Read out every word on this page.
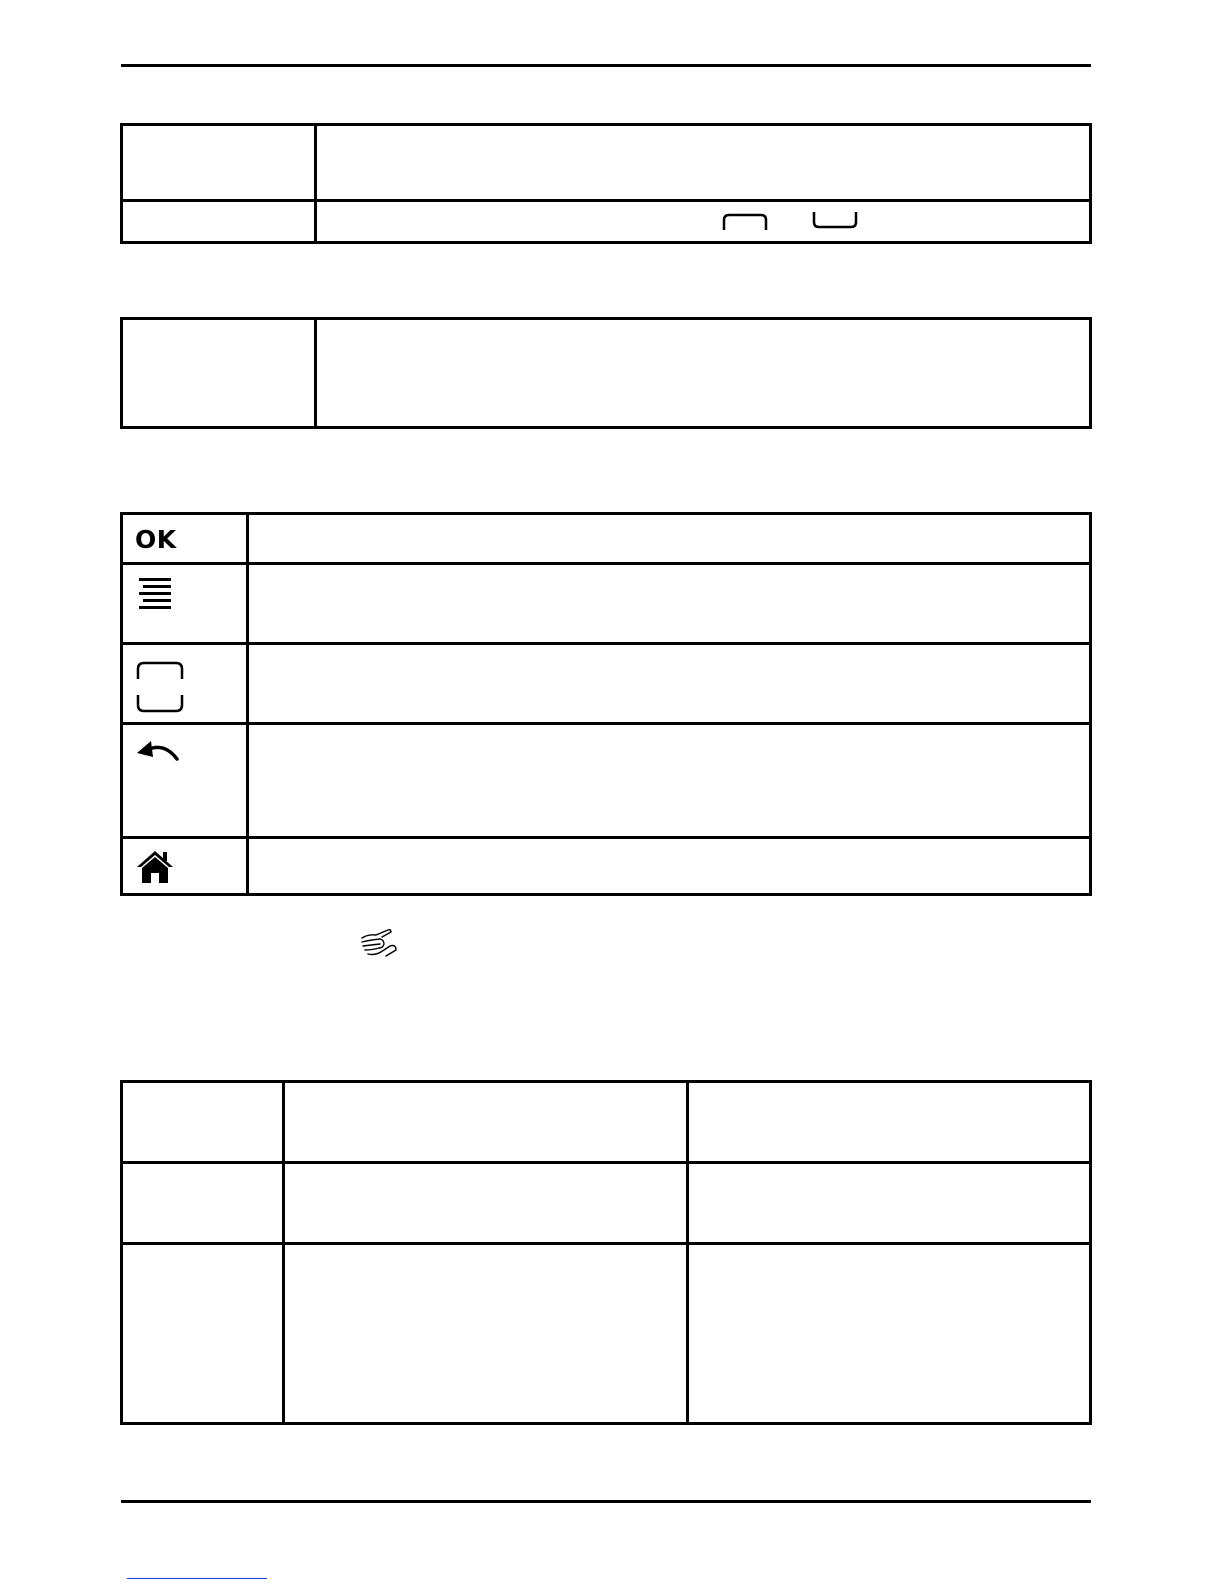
OK	
